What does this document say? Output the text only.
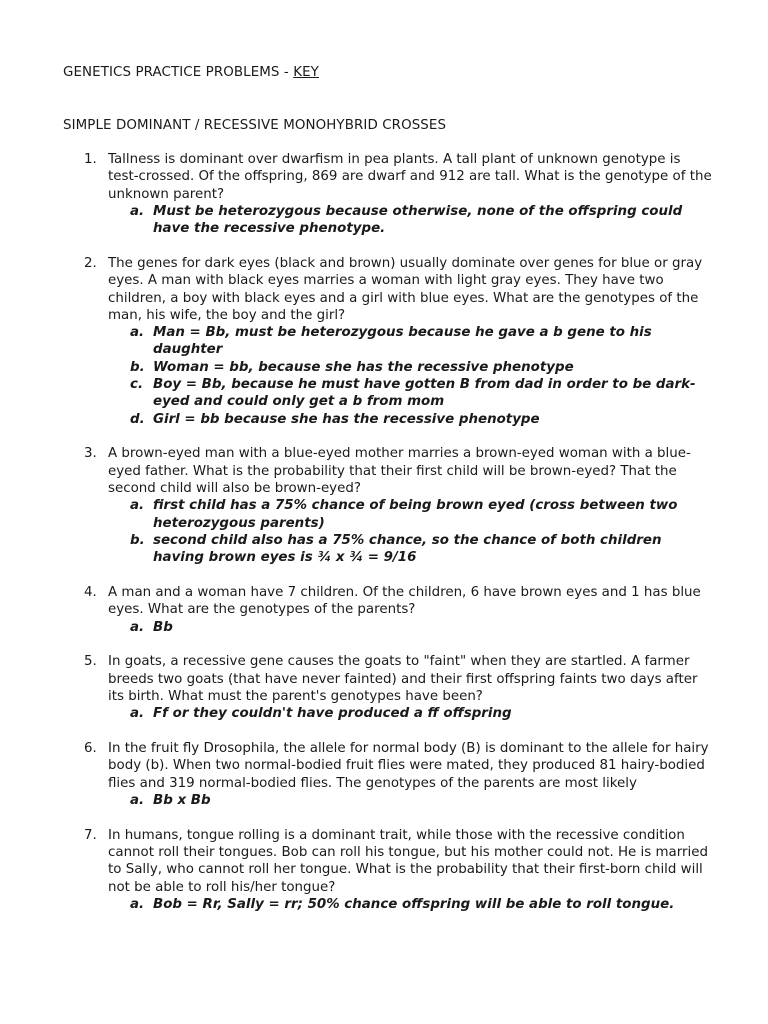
GENETICS PRACTICE PROBLEMS - KEY
SIMPLE DOMINANT / RECESSIVE MONOHYBRID CROSSES
1. Tallness is dominant over dwarfism in pea plants. A tall plant of unknown genotype is test-crossed. Of the offspring, 869 are dwarf and 912 are tall. What is the genotype of the unknown parent?
a. Must be heterozygous because otherwise, none of the offspring could have the recessive phenotype.
2. The genes for dark eyes (black and brown) usually dominate over genes for blue or gray eyes. A man with black eyes marries a woman with light gray eyes. They have two children, a boy with black eyes and a girl with blue eyes. What are the genotypes of the man, his wife, the boy and the girl?
a. Man = Bb, must be heterozygous because he gave a b gene to his daughter
b. Woman = bb, because she has the recessive phenotype
c. Boy = Bb, because he must have gotten B from dad in order to be dark-eyed and could only get a b from mom
d. Girl = bb because she has the recessive phenotype
3. A brown-eyed man with a blue-eyed mother marries a brown-eyed woman with a blue-eyed father. What is the probability that their first child will be brown-eyed? That the second child will also be brown-eyed?
a. first child has a 75% chance of being brown eyed (cross between two heterozygous parents)
b. second child also has a 75% chance, so the chance of both children having brown eyes is ¾ x ¾ = 9/16
4. A man and a woman have 7 children. Of the children, 6 have brown eyes and 1 has blue eyes. What are the genotypes of the parents?
a. Bb
5. In goats, a recessive gene causes the goats to "faint" when they are startled. A farmer breeds two goats (that have never fainted) and their first offspring faints two days after its birth. What must the parent's genotypes have been?
a. Ff or they couldn't have produced a ff offspring
6. In the fruit fly Drosophila, the allele for normal body (B) is dominant to the allele for hairy body (b). When two normal-bodied fruit flies were mated, they produced 81 hairy-bodied flies and 319 normal-bodied flies. The genotypes of the parents are most likely
a. Bb x Bb
7. In humans, tongue rolling is a dominant trait, while those with the recessive condition cannot roll their tongues. Bob can roll his tongue, but his mother could not. He is married to Sally, who cannot roll her tongue. What is the probability that their first-born child will not be able to roll his/her tongue?
a. Bob = Rr, Sally = rr; 50% chance offspring will be able to roll tongue.
